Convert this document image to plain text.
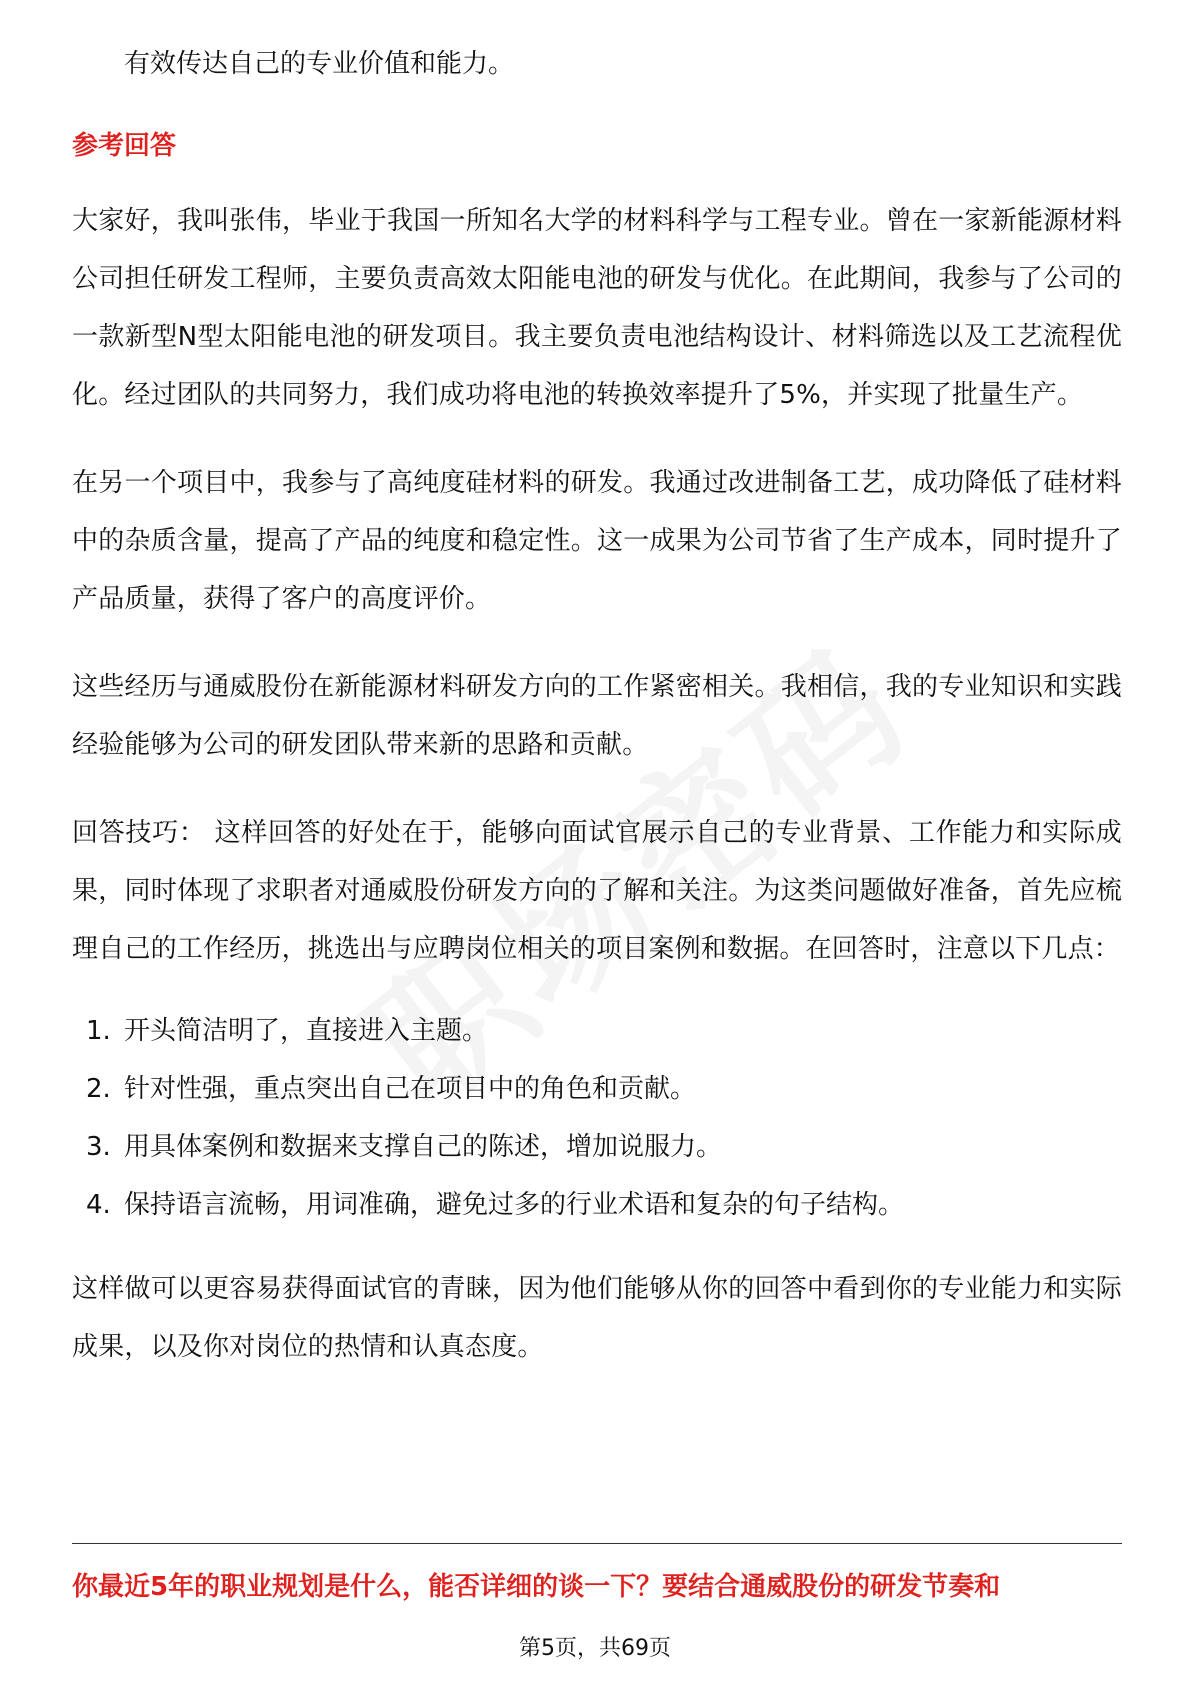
有效传达自己的专业价值和能力。

参考回答

大家好，我叫张伟，毕业于我国一所知名大学的材料科学与工程专业。曾在一家新能源材料公司担任研发工程师，主要负责高效太阳能电池的研发与优化。在此期间，我参与了公司的一款新型N型太阳能电池的研发项目。我主要负责电池结构设计、材料筛选以及工艺流程优化。经过团队的共同努力，我们成功将电池的转换效率提升了5%，并实现了批量生产。

在另一个项目中，我参与了高纯度硅材料的研发。我通过改进制备工艺，成功降低了硅材料中的杂质含量，提高了产品的纯度和稳定性。这一成果为公司节省了生产成本，同时提升了产品质量，获得了客户的高度评价。

这些经历与通威股份在新能源材料研发方向的工作紧密相关。我相信，我的专业知识和实践经验能够为公司的研发团队带来新的思路和贡献。

回答技巧： 这样回答的好处在于，能够向面试官展示自己的专业背景、工作能力和实际成果，同时体现了求职者对通威股份研发方向的了解和关注。为这类问题做好准备，首先应梳理自己的工作经历，挑选出与应聘岗位相关的项目案例和数据。在回答时，注意以下几点：

1. 开头简洁明了，直接进入主题。
2. 针对性强，重点突出自己在项目中的角色和贡献。
3. 用具体案例和数据来支撑自己的陈述，增加说服力。
4. 保持语言流畅，用词准确，避免过多的行业术语和复杂的句子结构。

这样做可以更容易获得面试官的青睐，因为他们能够从你的回答中看到你的专业能力和实际成果，以及你对岗位的热情和认真态度。

你最近5年的职业规划是什么，能否详细的谈一下？要结合通威股份的研发节奏和
第5页，共69页
